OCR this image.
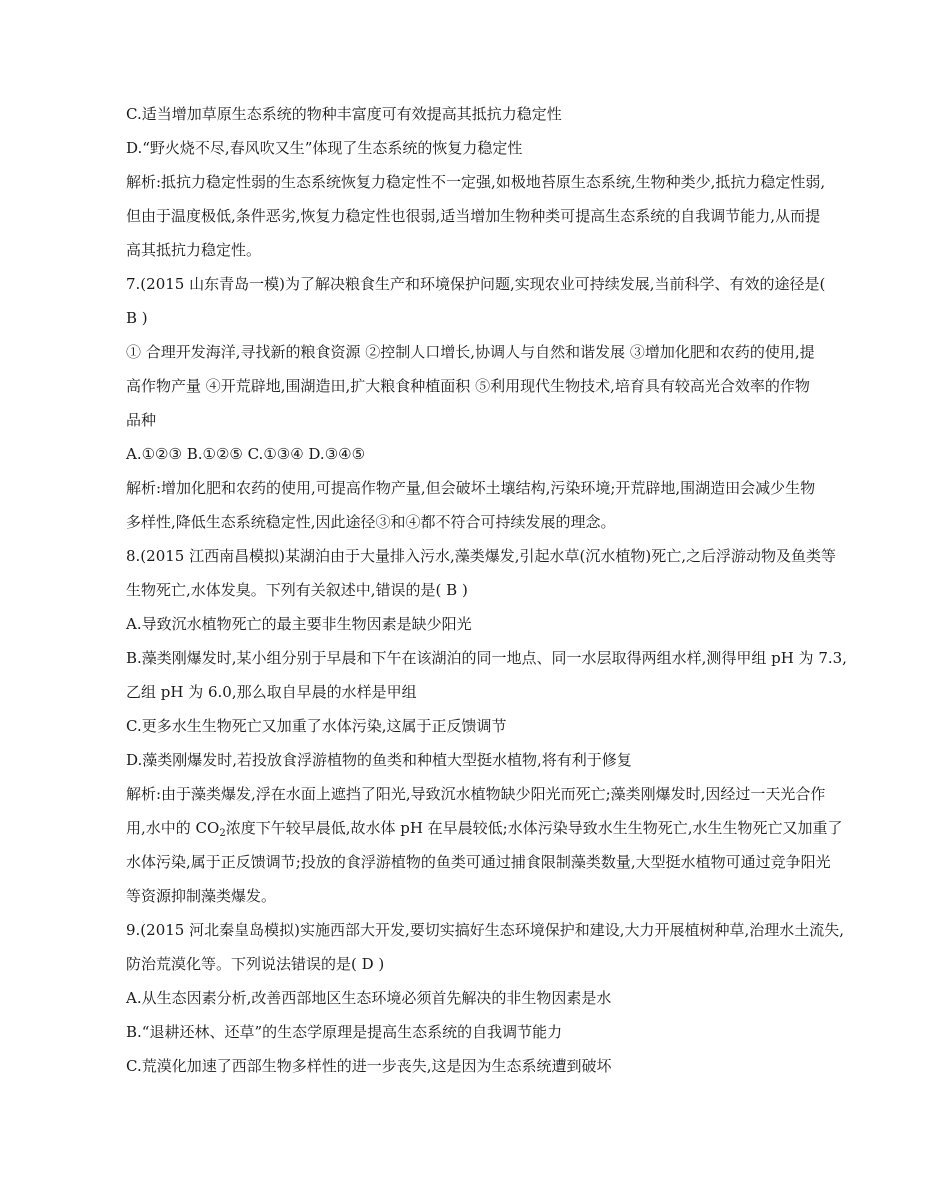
C.适当增加草原生态系统的物种丰富度可有效提高其抵抗力稳定性
D.“野火烧不尽,春风吹又生”体现了生态系统的恢复力稳定性
解析:抵抗力稳定性弱的生态系统恢复力稳定性不一定强,如极地苔原生态系统,生物种类少,抵抗力稳定性弱,
但由于温度极低,条件恶劣,恢复力稳定性也很弱,适当增加生物种类可提高生态系统的自我调节能力,从而提
高其抵抗力稳定性。
7.(2015 山东青岛一模)为了解决粮食生产和环境保护问题,实现农业可持续发展,当前科学、有效的途径是(
B )
① 合理开发海洋,寻找新的粮食资源 ②控制人口增长,协调人与自然和谐发展 ③增加化肥和农药的使用,提
高作物产量 ④开荒辟地,围湖造田,扩大粮食种植面积 ⑤利用现代生物技术,培育具有较高光合效率的作物
品种
A.①②③ B.①②⑤ C.①③④ D.③④⑤
解析:增加化肥和农药的使用,可提高作物产量,但会破坏土壤结构,污染环境;开荒辟地,围湖造田会减少生物
多样性,降低生态系统稳定性,因此途径③和④都不符合可持续发展的理念。
8.(2015 江西南昌模拟)某湖泊由于大量排入污水,藻类爆发,引起水草(沉水植物)死亡,之后浮游动物及鱼类等
生物死亡,水体发臭。下列有关叙述中,错误的是( B )
A.导致沉水植物死亡的最主要非生物因素是缺少阳光
B.藻类刚爆发时,某小组分别于早晨和下午在该湖泊的同一地点、同一水层取得两组水样,测得甲组 pH 为 7.3,
乙组 pH 为 6.0,那么取自早晨的水样是甲组
C.更多水生生物死亡又加重了水体污染,这属于正反馈调节
D.藻类刚爆发时,若投放食浮游植物的鱼类和种植大型挺水植物,将有利于修复
解析:由于藻类爆发,浮在水面上遮挡了阳光,导致沉水植物缺少阳光而死亡;藻类刚爆发时,因经过一天光合作
用,水中的 $CO_2$浓度下午较早晨低,故水体 pH 在早晨较低;水体污染导致水生生物死亡,水生生物死亡又加重了
水体污染,属于正反馈调节;投放的食浮游植物的鱼类可通过捕食限制藻类数量,大型挺水植物可通过竞争阳光
等资源抑制藻类爆发。
9.(2015 河北秦皇岛模拟)实施西部大开发,要切实搞好生态环境保护和建设,大力开展植树种草,治理水土流失,
防治荒漠化等。下列说法错误的是( D )
A.从生态因素分析,改善西部地区生态环境必须首先解决的非生物因素是水
B.“退耕还林、还草”的生态学原理是提高生态系统的自我调节能力
C.荒漠化加速了西部生物多样性的进一步丧失,这是因为生态系统遭到破坏
